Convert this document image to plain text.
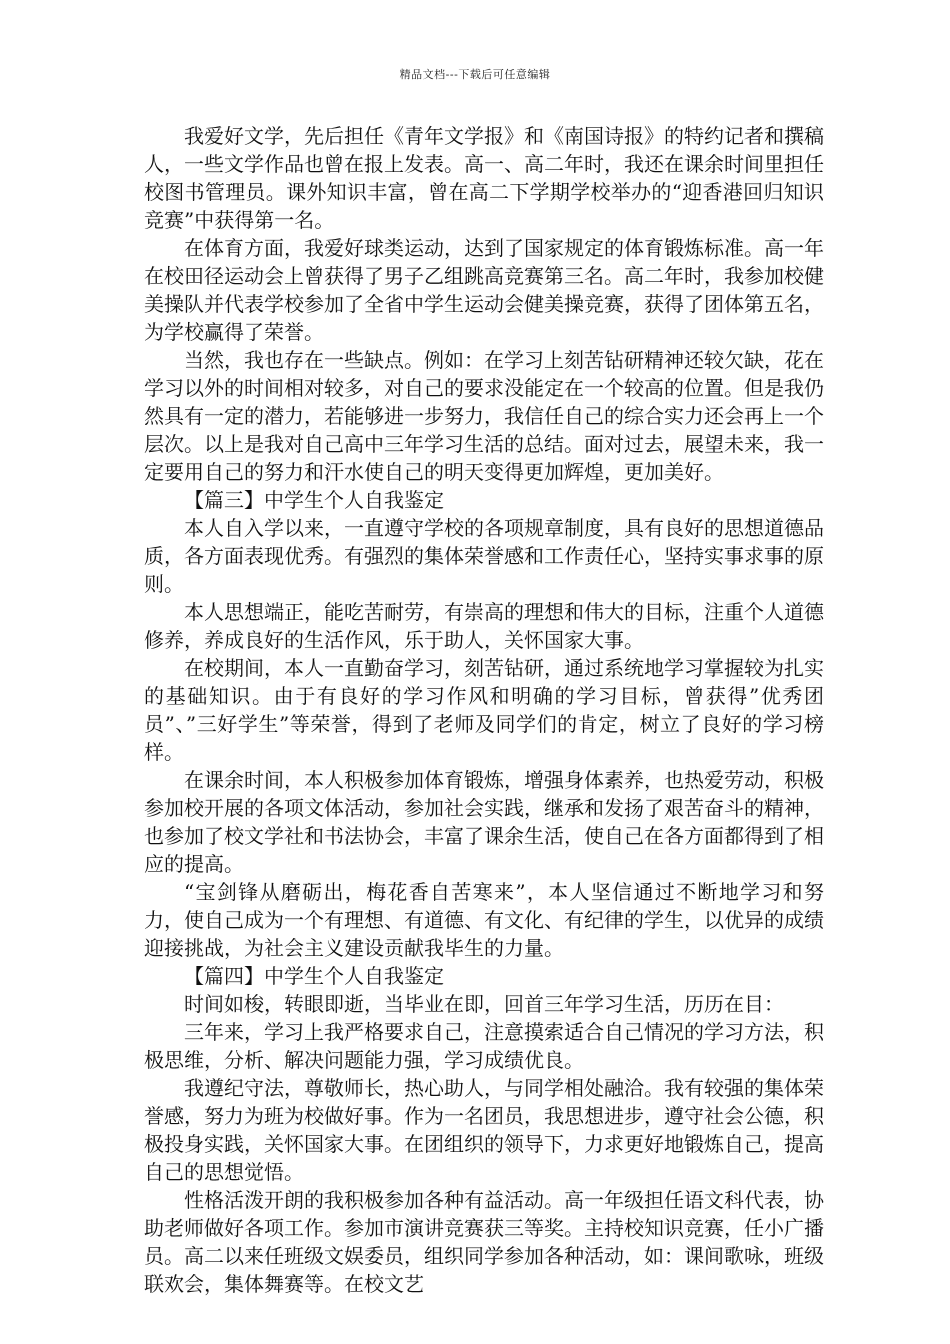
精品文档---下载后可任意编辑

我爱好文学，先后担任《青年文学报》和《南国诗报》的特约记者和撰稿人，一些文学作品也曾在报上发表。高一、高二年时，我还在课余时间里担任校图书管理员。课外知识丰富，曾在高二下学期学校举办的“迎香港回归知识竞赛”中获得第一名。

在体育方面，我爱好球类运动，达到了国家规定的体育锻炼标准。高一年在校田径运动会上曾获得了男子乙组跳高竞赛第三名。高二年时，我参加校健美操队并代表学校参加了全省中学生运动会健美操竞赛，获得了团体第五名，为学校赢得了荣誉。

当然，我也存在一些缺点。例如：在学习上刻苦钻研精神还较欠缺，花在学习以外的时间相对较多，对自己的要求没能定在一个较高的位置。但是我仍然具有一定的潜力，若能够进一步努力，我信任自己的综合实力还会再上一个层次。以上是我对自己高中三年学习生活的总结。面对过去，展望未来，我一定要用自己的努力和汗水使自己的明天变得更加辉煌，更加美好。

【篇三】中学生个人自我鉴定

本人自入学以来，一直遵守学校的各项规章制度，具有良好的思想道德品质，各方面表现优秀。有强烈的集体荣誉感和工作责任心，坚持实事求事的原则。

本人思想端正，能吃苦耐劳，有崇高的理想和伟大的目标，注重个人道德修养，养成良好的生活作风，乐于助人，关怀国家大事。

在校期间，本人一直勤奋学习，刻苦钻研，通过系统地学习掌握较为扎实的基础知识。由于有良好的学习作风和明确的学习目标，曾获得”优秀团员”、”三好学生”等荣誉，得到了老师及同学们的肯定，树立了良好的学习榜样。

在课余时间，本人积极参加体育锻炼，增强身体素养，也热爱劳动，积极参加校开展的各项文体活动，参加社会实践，继承和发扬了艰苦奋斗的精神，也参加了校文学社和书法协会，丰富了课余生活，使自己在各方面都得到了相应的提高。

“宝剑锋从磨砺出，梅花香自苦寒来”，本人坚信通过不断地学习和努力，使自己成为一个有理想、有道德、有文化、有纪律的学生，以优异的成绩迎接挑战，为社会主义建设贡献我毕生的力量。

【篇四】中学生个人自我鉴定

时间如梭，转眼即逝，当毕业在即，回首三年学习生活，历历在目：

三年来，学习上我严格要求自己，注意摸索适合自己情况的学习方法，积极思维，分析、解决问题能力强，学习成绩优良。

我遵纪守法，尊敬师长，热心助人，与同学相处融洽。我有较强的集体荣誉感，努力为班为校做好事。作为一名团员，我思想进步，遵守社会公德，积极投身实践，关怀国家大事。在团组织的领导下，力求更好地锻炼自己，提高自己的思想觉悟。

性格活泼开朗的我积极参加各种有益活动。高一年级担任语文科代表，协助老师做好各项工作。参加市演讲竞赛获三等奖。主持校知识竞赛，任小广播员。高二以来任班级文娱委员，组织同学参加各种活动，如：课间歌咏，班级联欢会，集体舞赛等。在校文艺
